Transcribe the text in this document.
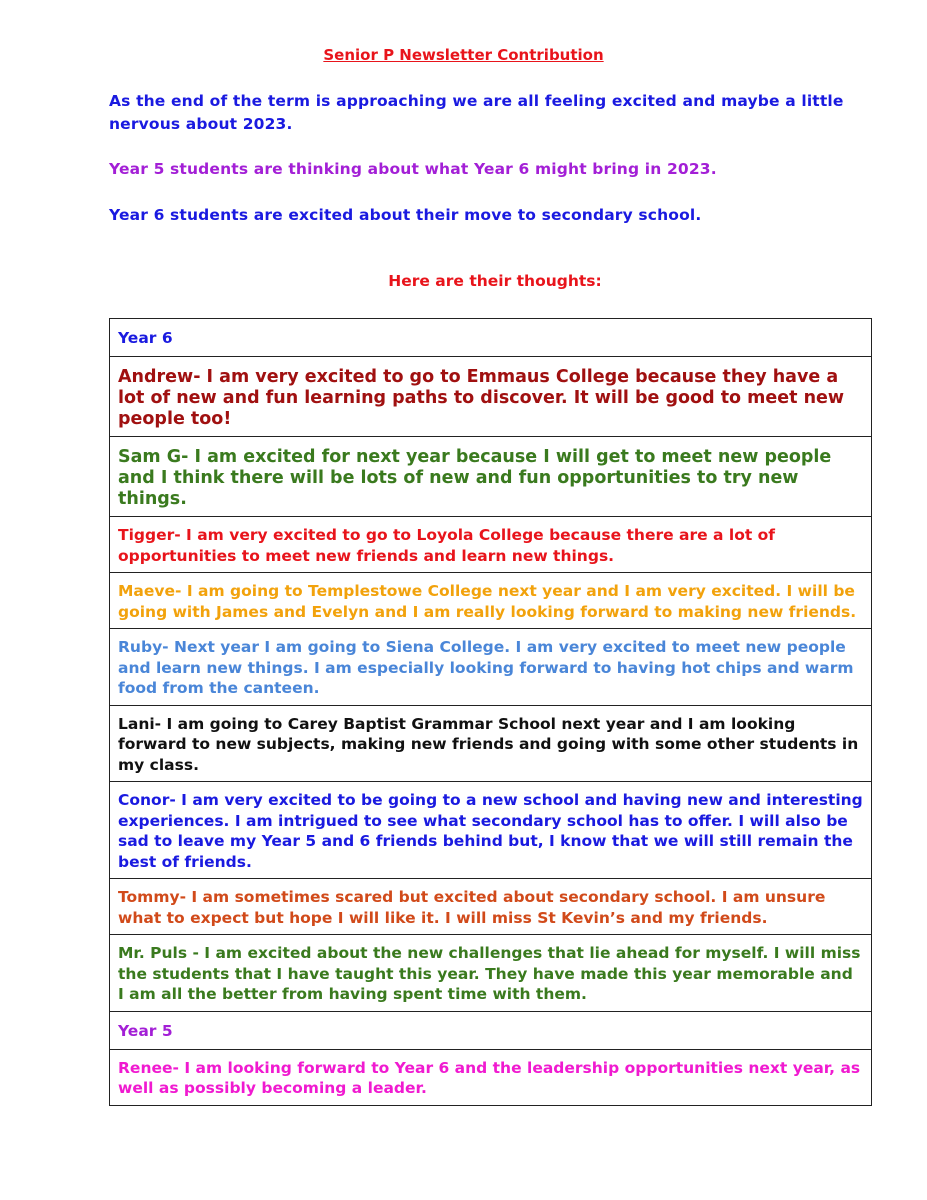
Senior P Newsletter Contribution
As the end of the term is approaching we are all feeling excited and maybe a little nervous about 2023.
Year 5 students are thinking about what Year 6 might bring in 2023.
Year 6 students are excited about their move to secondary school.
Here are their thoughts:
Year 6
Andrew- I am very excited to go to Emmaus College because they have a lot of new and fun learning paths to discover. It will be good to meet new people too!
Sam G- I am excited for next year because I will get to meet new people and I think there will be lots of new and fun opportunities to try new things.
Tigger- I am very excited to go to Loyola College because there are a lot of opportunities to meet new friends and learn new things.
Maeve- I am going to Templestowe College next year and I am very excited. I will be going with James and Evelyn and I am really looking forward to making new friends.
Ruby- Next year I am going to Siena College. I am very excited to meet new people and learn new things. I am especially looking forward to having hot chips and warm food from the canteen.
Lani- I am going to Carey Baptist Grammar School next year and I am looking forward to new subjects, making new friends and going with some other students in my class.
Conor- I am very excited to be going to a new school and having new and interesting experiences. I am intrigued to see what secondary school has to offer. I will also be sad to leave my Year 5 and 6 friends behind but, I know that we will still remain the best of friends.
Tommy- I am sometimes scared but excited about secondary school. I am unsure what to expect but hope I will like it. I will miss St Kevin’s and my friends.
Mr. Puls - I am excited about the new challenges that lie ahead for myself. I will miss the students that I have taught this year. They have made this year memorable and I am all the better from having spent time with them.
Year 5
Renee- I am looking forward to Year 6 and the leadership opportunities next year, as well as possibly becoming a leader.
